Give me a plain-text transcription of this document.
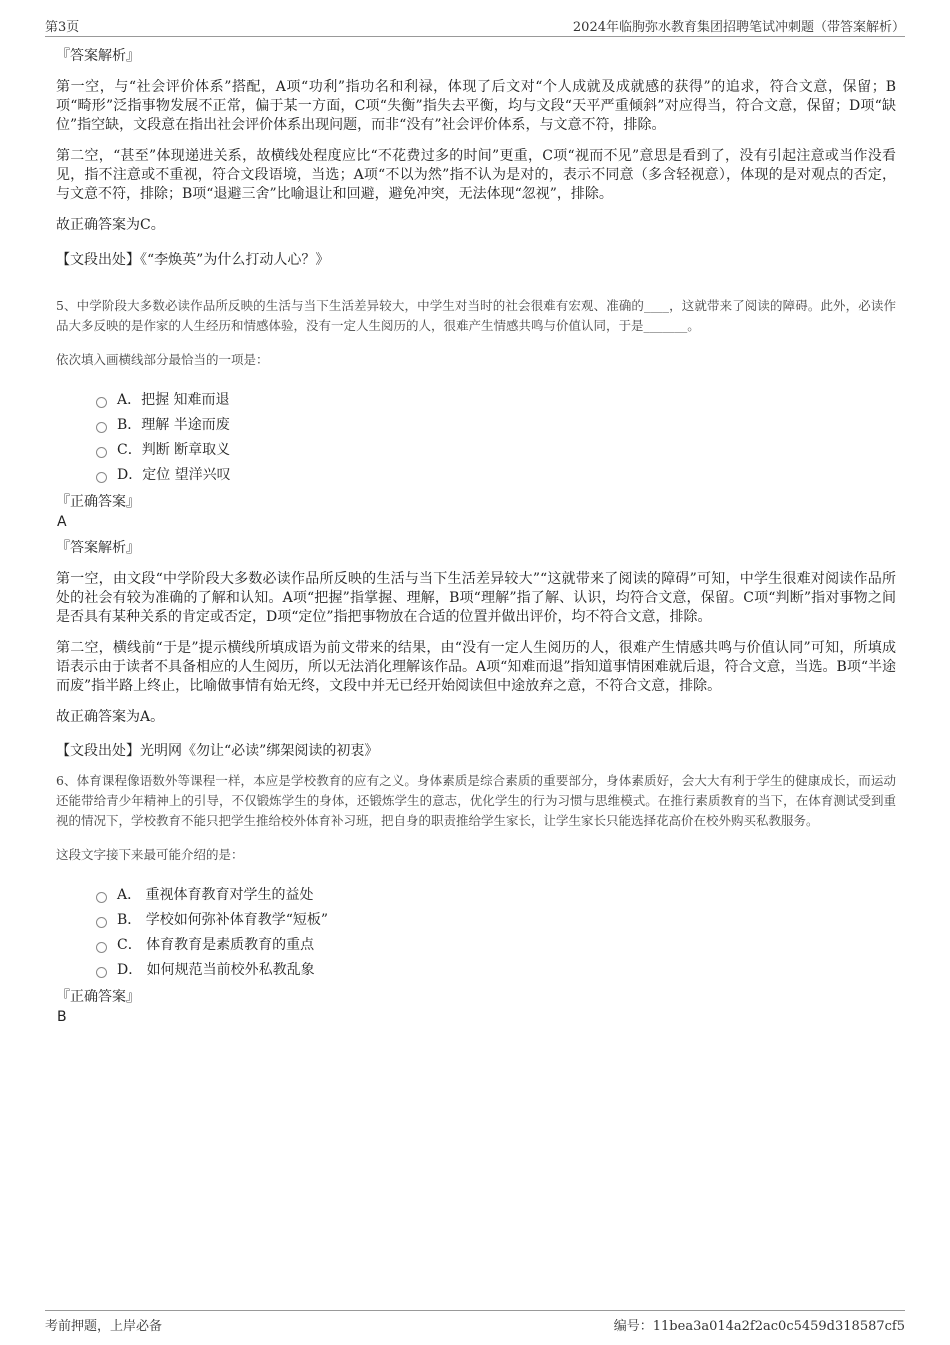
第3页	2024年临朐弥水教育集团招聘笔试冲刺题（带答案解析）
『答案解析』

第一空，与“社会评价体系”搭配，A项“功利”指功名和利禄，体现了后文对“个人成就及成就感的获得”的追求，符合文意，保留；B项“畸形”泛指事物发展不正常，偏于某一方面，C项“失衡”指失去平衡，均与文段“天平严重倾斜”对应得当，符合文意，保留；D项“缺位”指空缺，文段意在指出社会评价体系出现问题，而非“没有”社会评价体系，与文意不符，排除。

第二空，“甚至”体现递进关系，故横线处程度应比“不花费过多的时间”更重，C项“视而不见”意思是看到了，没有引起注意或当作没看见，指不注意或不重视，符合文段语境，当选；A项“不以为然”指不认为是对的，表示不同意（多含轻视意），体现的是对观点的否定，与文意不符，排除；B项“退避三舍”比喻退让和回避，避免冲突，无法体现“忽视”，排除。

故正确答案为C。

【文段出处】《“李焕英”为什么打动人心？》

5、中学阶段大多数必读作品所反映的生活与当下生活差异较大，中学生对当时的社会很难有宏观、准确的____，这就带来了阅读的障碍。此外，必读作品大多反映的是作家的人生经历和情感体验，没有一定人生阅历的人，很难产生情感共鸣与价值认同，于是_______。

依次填入画横线部分最恰当的一项是：

A．把握 知难而退
B．理解 半途而废
C．判断 断章取义
D．定位 望洋兴叹
『正确答案』
A
『答案解析』

第一空，由文段“中学阶段大多数必读作品所反映的生活与当下生活差异较大”“这就带来了阅读的障碍”可知，中学生很难对阅读作品所处的社会有较为准确的了解和认知。A项“把握”指掌握、理解，B项“理解”指了解、认识，均符合文意，保留。C项“判断”指对事物之间是否具有某种关系的肯定或否定，D项“定位”指把事物放在合适的位置并做出评价，均不符合文意，排除。

第二空，横线前“于是”提示横线所填成语为前文带来的结果，由“没有一定人生阅历的人，很难产生情感共鸣与价值认同”可知，所填成语表示由于读者不具备相应的人生阅历，所以无法消化理解该作品。A项“知难而退”指知道事情困难就后退，符合文意，当选。B项“半途而废”指半路上终止，比喻做事情有始无终，文段中并无已经开始阅读但中途放弃之意，不符合文意，排除。

故正确答案为A。

【文段出处】光明网《勿让“必读”绑架阅读的初衷》

6、体育课程像语数外等课程一样，本应是学校教育的应有之义。身体素质是综合素质的重要部分，身体素质好，会大大有利于学生的健康成长，而运动还能带给青少年精神上的引导，不仅锻炼学生的身体，还锻炼学生的意志，优化学生的行为习惯与思维模式。在推行素质教育的当下，在体育测试受到重视的情况下，学校教育不能只把学生推给校外体育补习班，把自身的职责推给学生家长，让学生家长只能选择花高价在校外购买私教服务。

这段文字接下来最可能介绍的是：

A． 重视体育教育对学生的益处
B． 学校如何弥补体育教学“短板”
C． 体育教育是素质教育的重点
D． 如何规范当前校外私教乱象
『正确答案』
B
考前押题，上岸必备	编号：11bea3a014a2f2ac0c5459d318587cf5
